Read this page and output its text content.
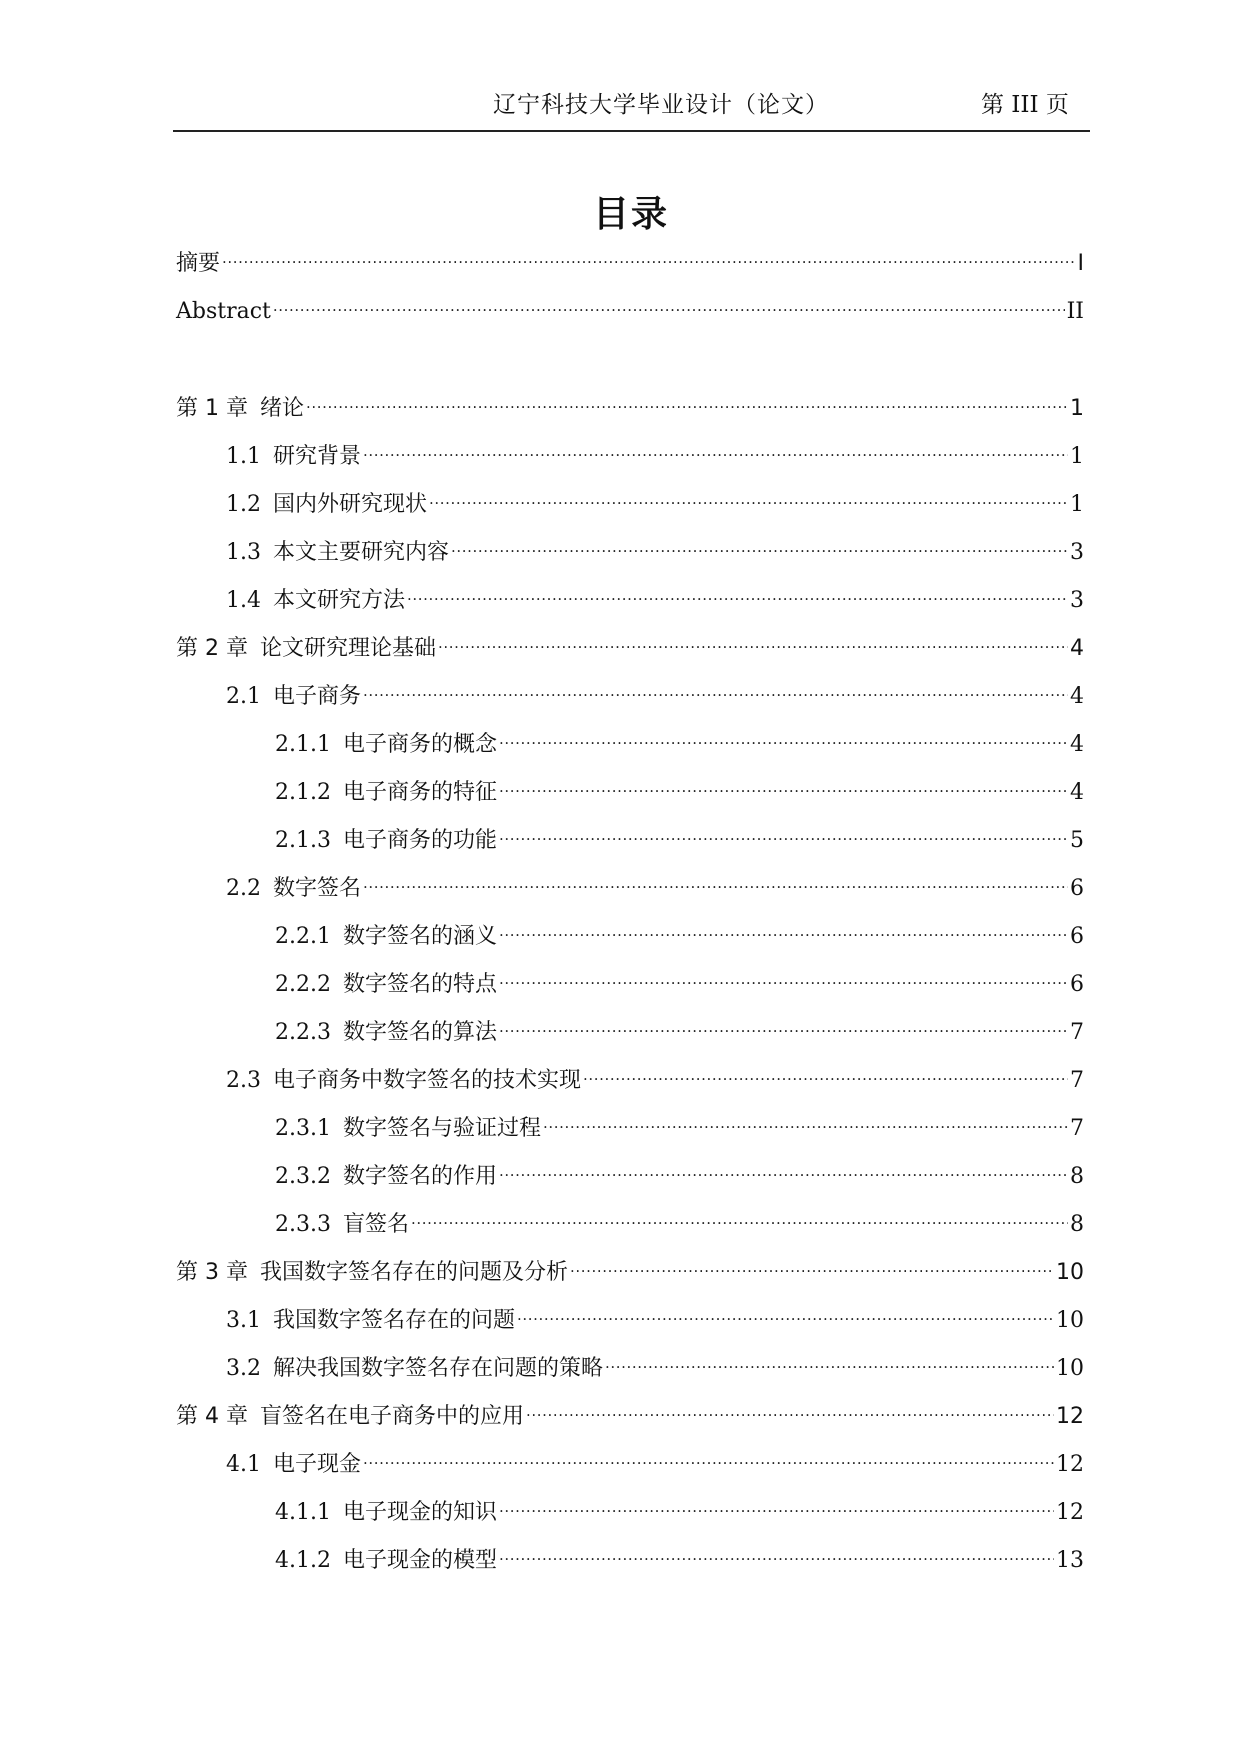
辽宁科技大学毕业设计（论文）	第 III 页
目录
摘要 .....	I
Abstract .....	II
第 1 章 绪论 .....	1
1.1 研究背景 .....	1
1.2 国内外研究现状 .....	1
1.3 本文主要研究内容 .....	3
1.4 本文研究方法 .....	3
第 2 章 论文研究理论基础 .....	4
2.1 电子商务 .....	4
2.1.1 电子商务的概念 .....	4
2.1.2 电子商务的特征 .....	4
2.1.3 电子商务的功能 .....	5
2.2 数字签名 .....	6
2.2.1 数字签名的涵义 .....	6
2.2.2 数字签名的特点 .....	6
2.2.3 数字签名的算法 .....	7
2.3 电子商务中数字签名的技术实现 .....	7
2.3.1 数字签名与验证过程 .....	7
2.3.2 数字签名的作用 .....	8
2.3.3 盲签名 .....	8
第 3 章 我国数字签名存在的问题及分析 .....	10
3.1 我国数字签名存在的问题 .....	10
3.2 解决我国数字签名存在问题的策略 .....	10
第 4 章 盲签名在电子商务中的应用 .....	12
4.1 电子现金 .....	12
4.1.1 电子现金的知识 .....	12
4.1.2 电子现金的模型 .....	13
